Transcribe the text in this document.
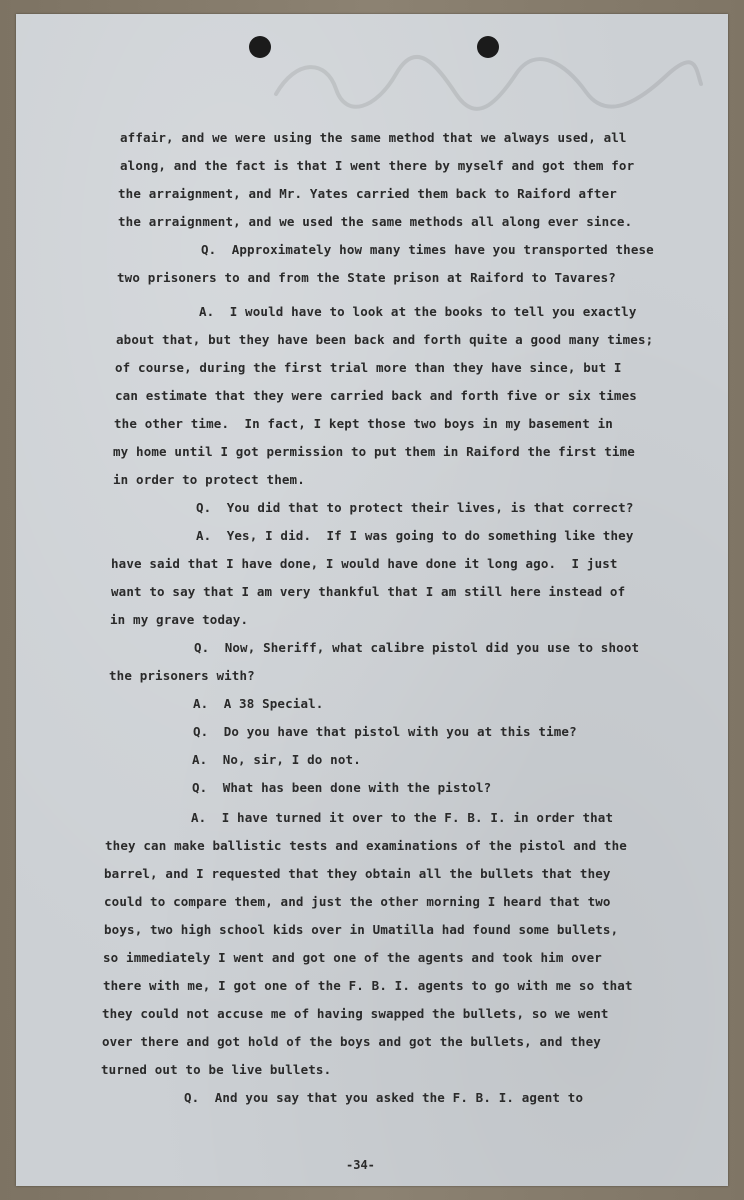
affair, and we were using the same method that we always used, all
along, and the fact is that I went there by myself and got them for
the arraignment, and Mr. Yates carried them back to Raiford after
the arraignment, and we used the same methods all along ever since.
Q.  Approximately how many times have you transported these
two prisoners to and from the State prison at Raiford to Tavares?
A.  I would have to look at the books to tell you exactly
about that, but they have been back and forth quite a good many times;
of course, during the first trial more than they have since, but I
can estimate that they were carried back and forth five or six times
the other time.  In fact, I kept those two boys in my basement in
my home until I got permission to put them in Raiford the first time
in order to protect them.
Q.  You did that to protect their lives, is that correct?
A.  Yes, I did.  If I was going to do something like they
have said that I have done, I would have done it long ago.  I just
want to say that I am very thankful that I am still here instead of
in my grave today.
Q.  Now, Sheriff, what calibre pistol did you use to shoot
the prisoners with?
A.  A 38 Special.
Q.  Do you have that pistol with you at this time?
A.  No, sir, I do not.
Q.  What has been done with the pistol?
A.  I have turned it over to the F. B. I. in order that
they can make ballistic tests and examinations of the pistol and the
barrel, and I requested that they obtain all the bullets that they
could to compare them, and just the other morning I heard that two
boys, two high school kids over in Umatilla had found some bullets,
so immediately I went and got one of the agents and took him over
there with me, I got one of the F. B. I. agents to go with me so that
they could not accuse me of having swapped the bullets, so we went
over there and got hold of the boys and got the bullets, and they
turned out to be live bullets.
Q.  And you say that you asked the F. B. I. agent to
-34-
